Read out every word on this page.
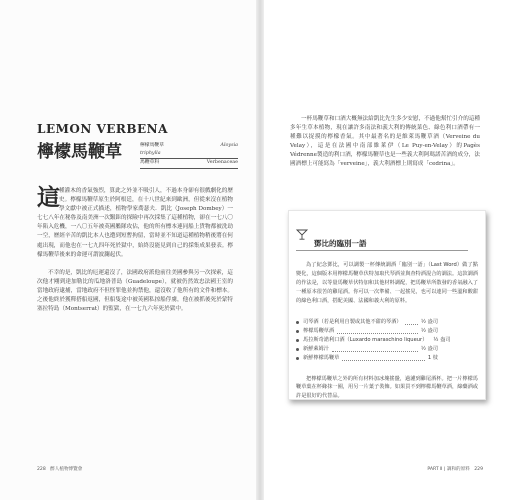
LEMON VERBENA
檸檬馬鞭草	檸檬馬鞭草	Aloysia
triphylla
馬鞭草科	Verbenaceae

種灌木的香氣強烈，算此之外並不吸引人，不過本身卻有很戲劇化的歷史。檸檬馬鞭草原生於阿根廷，在十八世紀來到歐洲，但從來沒在植物學文獻中被正式描述，植物學家喬瑟夫．凱比（Joseph Dombey）一七七八年在秘魯及南美洲一次艱鉅的探險中再次採集了這種植物，卻在一七八〇年陷入危機，一八〇五年被英國艦隊攻佔，他的所有標本連同船上貨物都被洗劫一空，歷經辛苦的凱比本人也遭到短暫拘留，當時並不知道這種植物稍後將在何處出現，而他也在一七九四年死於獄中，始終沒能見到自己的採集成果發表。檸檬馬鞭草後來的命運可謂波瀾起伏。

不幸的是，凱比的厄運還沒了，法國政府派他前往美國參與另一次探索，這次他才剛到達加勒比的瓜地洛普島（Guadeloupe），就被仍然效忠法國王室的當地政府逮捕，當地政府不但怪罪他並拘禁他，還沒收了他所有的文件和標本。之後他終於獲釋搭船返國，但船隻途中被英國私掠船俘虜，他在被抓後死於蒙特塞拉特島（Montserrat）的監獄，在一七九六年死於獄中。

這
228 醉人植物博覽會

一杯馬鞭草和口酒大概無法給凱比先生多少安慰，不過他幫忙引介的這種多年生草本植物，現在讓許多南法和義大利的傳統菜色、綠色利口酒帶有一種難以捉摸的檸檬香氣。其中最著名的是維萊馬鞭草酒（Verveine du Velay），這是在法國中南部維萊伊（Le Puy-en-Velay）的Pagès Védrenne製造的利口酒，檸檬馬鞭草也是一些義大利阿瑪諾苦酒的成分，法國酒標上可能寫為「verveine」，義大利酒標上則寫成「cedrina」。

鄧比的臨別一語

為了紀念鄧比，可以調製一杯傳統調酒「臨別一語」（Last Word）做了點變化，這個版本用檸檬馬鞭草伏特加取代琴酒並與查特酒混合的調法。這款調酒的作法是，以等量馬鞭草伏特加和其他材料調配，把馬鞭草所散發的香氣融入了一種原本很苦的雞尾酒。你可以一次準備、一起搖晃，也可以連同一些溫和酸甜的綠色利口酒，搭配美國、法國和義大利的原料。

司琴酒（若是利用自製或其他不甜的琴酒）	½ 盎司
檸檬馬鞭草酒	½ 盎司
馬拉斯奇諾利口酒（Luxardo maraschino liqueur） ½ 盎司
新鮮萊姆汁	½ 盎司
新鮮檸檬馬鞭草	1 枝

把檸檬馬鞭草之外的所有材料加冰塊搖盪，過濾到雞尾酒杯。把一片檸檬馬鞭草葉在杯緣抹一圈，用另一片葉子裝飾。如果買不到檸檬馬鞭草酒，綠藥酒或許是很好的代替品。

PART Ⅱ | 調和的原料 229
